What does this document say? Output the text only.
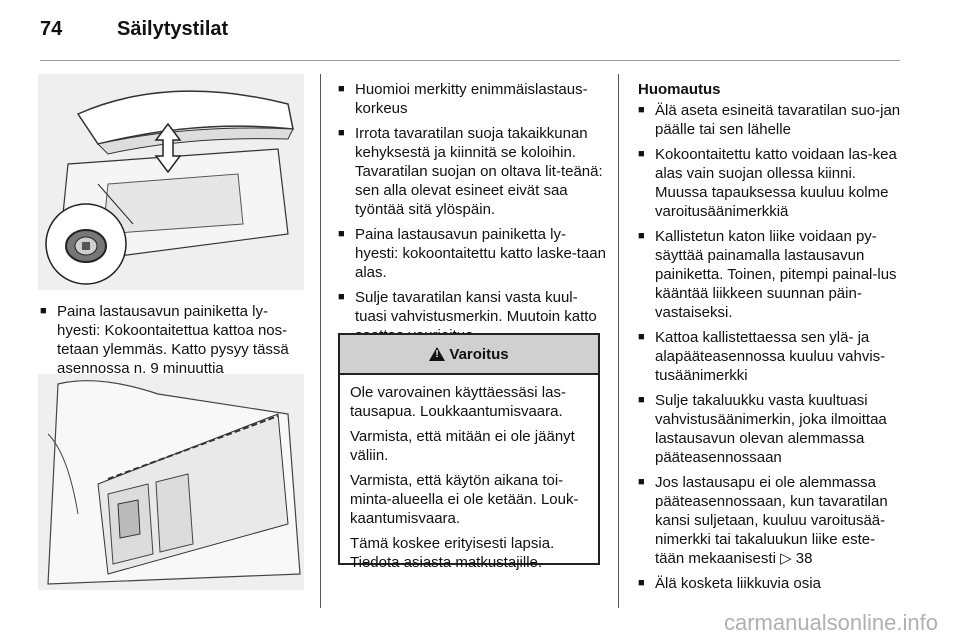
74	Säilytystilat
■ Paina lastausavun painiketta ly-hyesti: Kokoontaitettua kattoa nos-tetaan ylemmäs. Katto pysyy tässä asennossa n. 9 minuuttia
■ Huomioi merkitty enimmäislastaus-korkeus
■ Irrota tavaratilan suoja takaikkunan kehyksestä ja kiinnitä se koloihin. Tavaratilan suojan on oltava lit-teänä: sen alla olevat esineet eivät saa työntää sitä ylöspäin.
■ Paina lastausavun painiketta ly-hyesti: kokoontaitettu katto laske-taan alas.
■ Sulje tavaratilan kansi vasta kuul-tuasi vahvistusmerkin. Muutoin katto
!
Varoitus

Ole varovainen käyttäessäsi las-tausapua. Loukkaantumisvaara.

Varmista, että mitään ei ole jäänyt väliin.

Varmista, että käytön aikana toi-minta-alueella ei ole ketään. Louk-kaantumisvaara.

Tämä koskee erityisesti lapsia. Tiedota asiasta matkustajille.

Huomautus
■ Älä aseta esineitä tavaratilan suo-jan päälle tai sen lähelle
■ Kokoontaitettu katto voidaan las-kea alas vain suojan ollessa kiinni. Muussa tapauksessa kuuluu kolme varoitusäänimerkkiä
■ Kallistetun katon liike voidaan py-säyttää painamalla lastausavun painiketta. Toinen, pitempi painal-lus kääntää liikkeen suunnan päin-vastaiseksi.
■ Kattoa kallistettaessa sen ylä- ja alapääteasennossa kuuluu vahvis-tusäänimerkki
■ Sulje takaluukku vasta kuultuasi vahvistusäänimerkin, joka ilmoittaa lastausavun olevan alemmassa pääteasennossaan
■ Jos lastausapu ei ole alemmassa pääteasennossaan, kun tavaratilan kansi suljetaan, kuuluu varoitusää-nimerkki tai takaluukun liike este-tään mekaanisesti ▷ 38
■ Älä kosketa liikkuvia osia
carmanualsonline.info
